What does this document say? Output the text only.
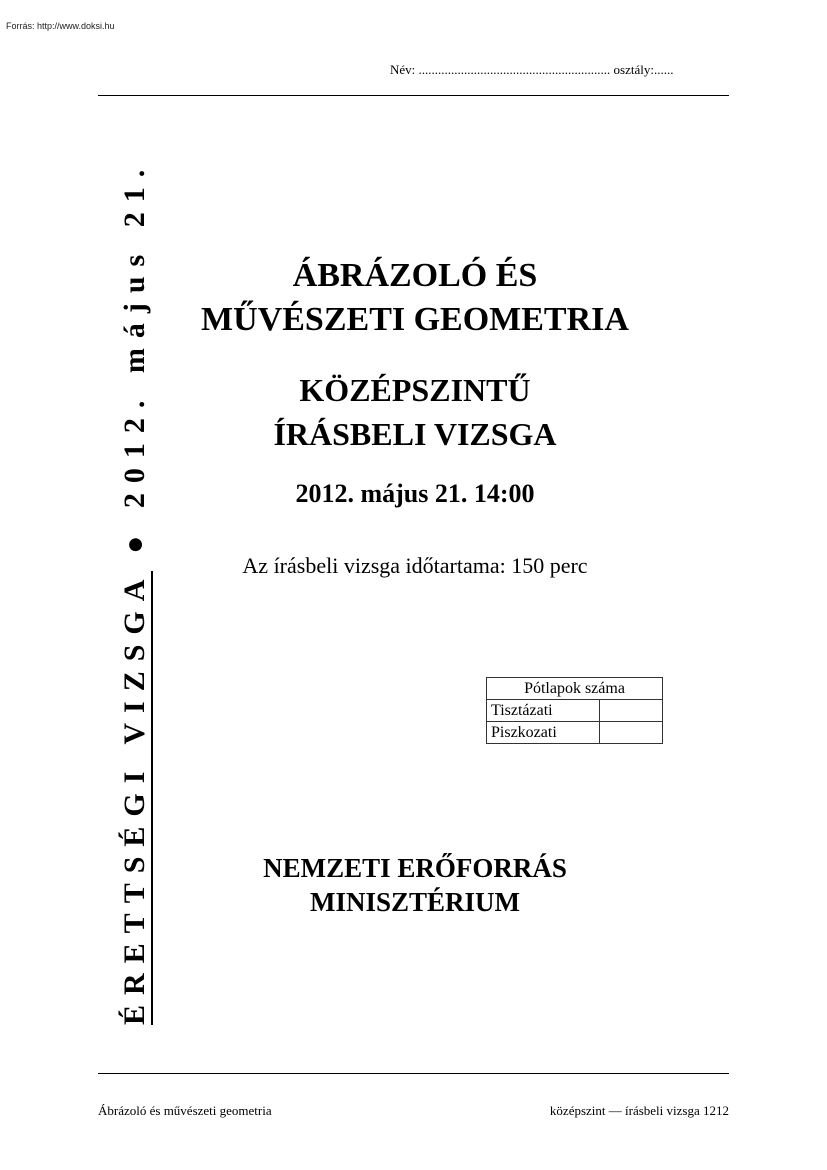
Forrás: http://www.doksi.hu
Név: ........................................................... osztály:......
ÉRETTSÉGI VIZSGA ● 2012. május 21.	ÁBRÁZOLÓ ÉS
MŰVÉSZETI GEOMETRIA
KÖZÉPSZINTŰ
ÍRÁSBELI VIZSGA
2012. május 21. 14:00
Az írásbeli vizsga időtartama: 150 perc
Pótlapok száma	
Tisztázati	
Piszkozati	
NEMZETI ERŐFORRÁS
MINISZTÉRIUM
Ábrázoló és művészeti geometria	középszint — írásbeli vizsga 1212
